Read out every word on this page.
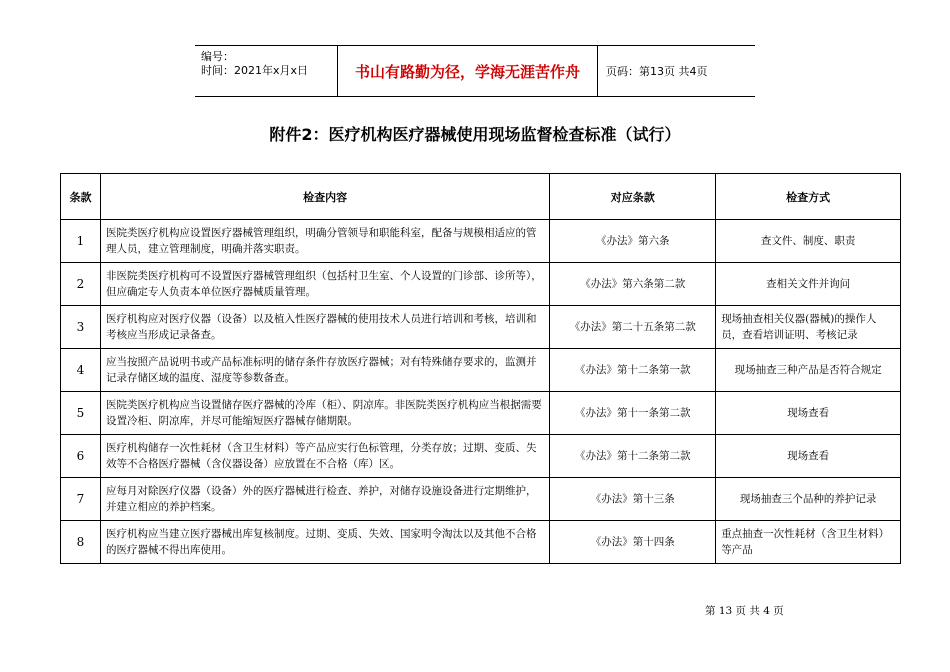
编号：
时间：2021年x月x日	书山有路勤为径，学海无涯苦作舟	页码：第13页 共4页
附件2：医疗机构医疗器械使用现场监督检查标准（试行）
条款	检查内容	对应条款	检查方式
1	医院类医疗机构应设置医疗器械管理组织，明确分管领导和职能科室，配备与规模相适应的管理人员，建立管理制度，明确并落实职责。	《办法》第六条	查文件、制度、职责
2	非医院类医疗机构可不设置医疗器械管理组织（包括村卫生室、个人设置的门诊部、诊所等），但应确定专人负责本单位医疗器械质量管理。	《办法》第六条第二款	查相关文件并询问
3	医疗机构应对医疗仪器（设备）以及植入性医疗器械的使用技术人员进行培训和考核，培训和考核应当形成记录备查。	《办法》第二十五条第二款	现场抽查相关仪器(器械)的操作人员，查看培训证明、考核记录
4	应当按照产品说明书或产品标准标明的储存条件存放医疗器械；对有特殊储存要求的，监测并记录存储区域的温度、湿度等参数备查。	《办法》第十二条第一款	现场抽查三种产品是否符合规定
5	医院类医疗机构应当设置储存医疗器械的冷库（柜）、阴凉库。非医院类医疗机构应当根据需要设置冷柜、阴凉库，并尽可能缩短医疗器械存储期限。	《办法》第十一条第二款	现场查看
6	医疗机构储存一次性耗材（含卫生材料）等产品应实行色标管理，分类存放；过期、变质、失效等不合格医疗器械（含仪器设备）应放置在不合格（库）区。	《办法》第十二条第二款	现场查看
7	应每月对除医疗仪器（设备）外的医疗器械进行检查、养护，对储存设施设备进行定期维护，并建立相应的养护档案。	《办法》第十三条	现场抽查三个品种的养护记录
8	医疗机构应当建立医疗器械出库复核制度。过期、变质、失效、国家明令淘汰以及其他不合格的医疗器械不得出库使用。	《办法》第十四条	重点抽查一次性耗材（含卫生材料）等产品
第 13 页 共 4 页
